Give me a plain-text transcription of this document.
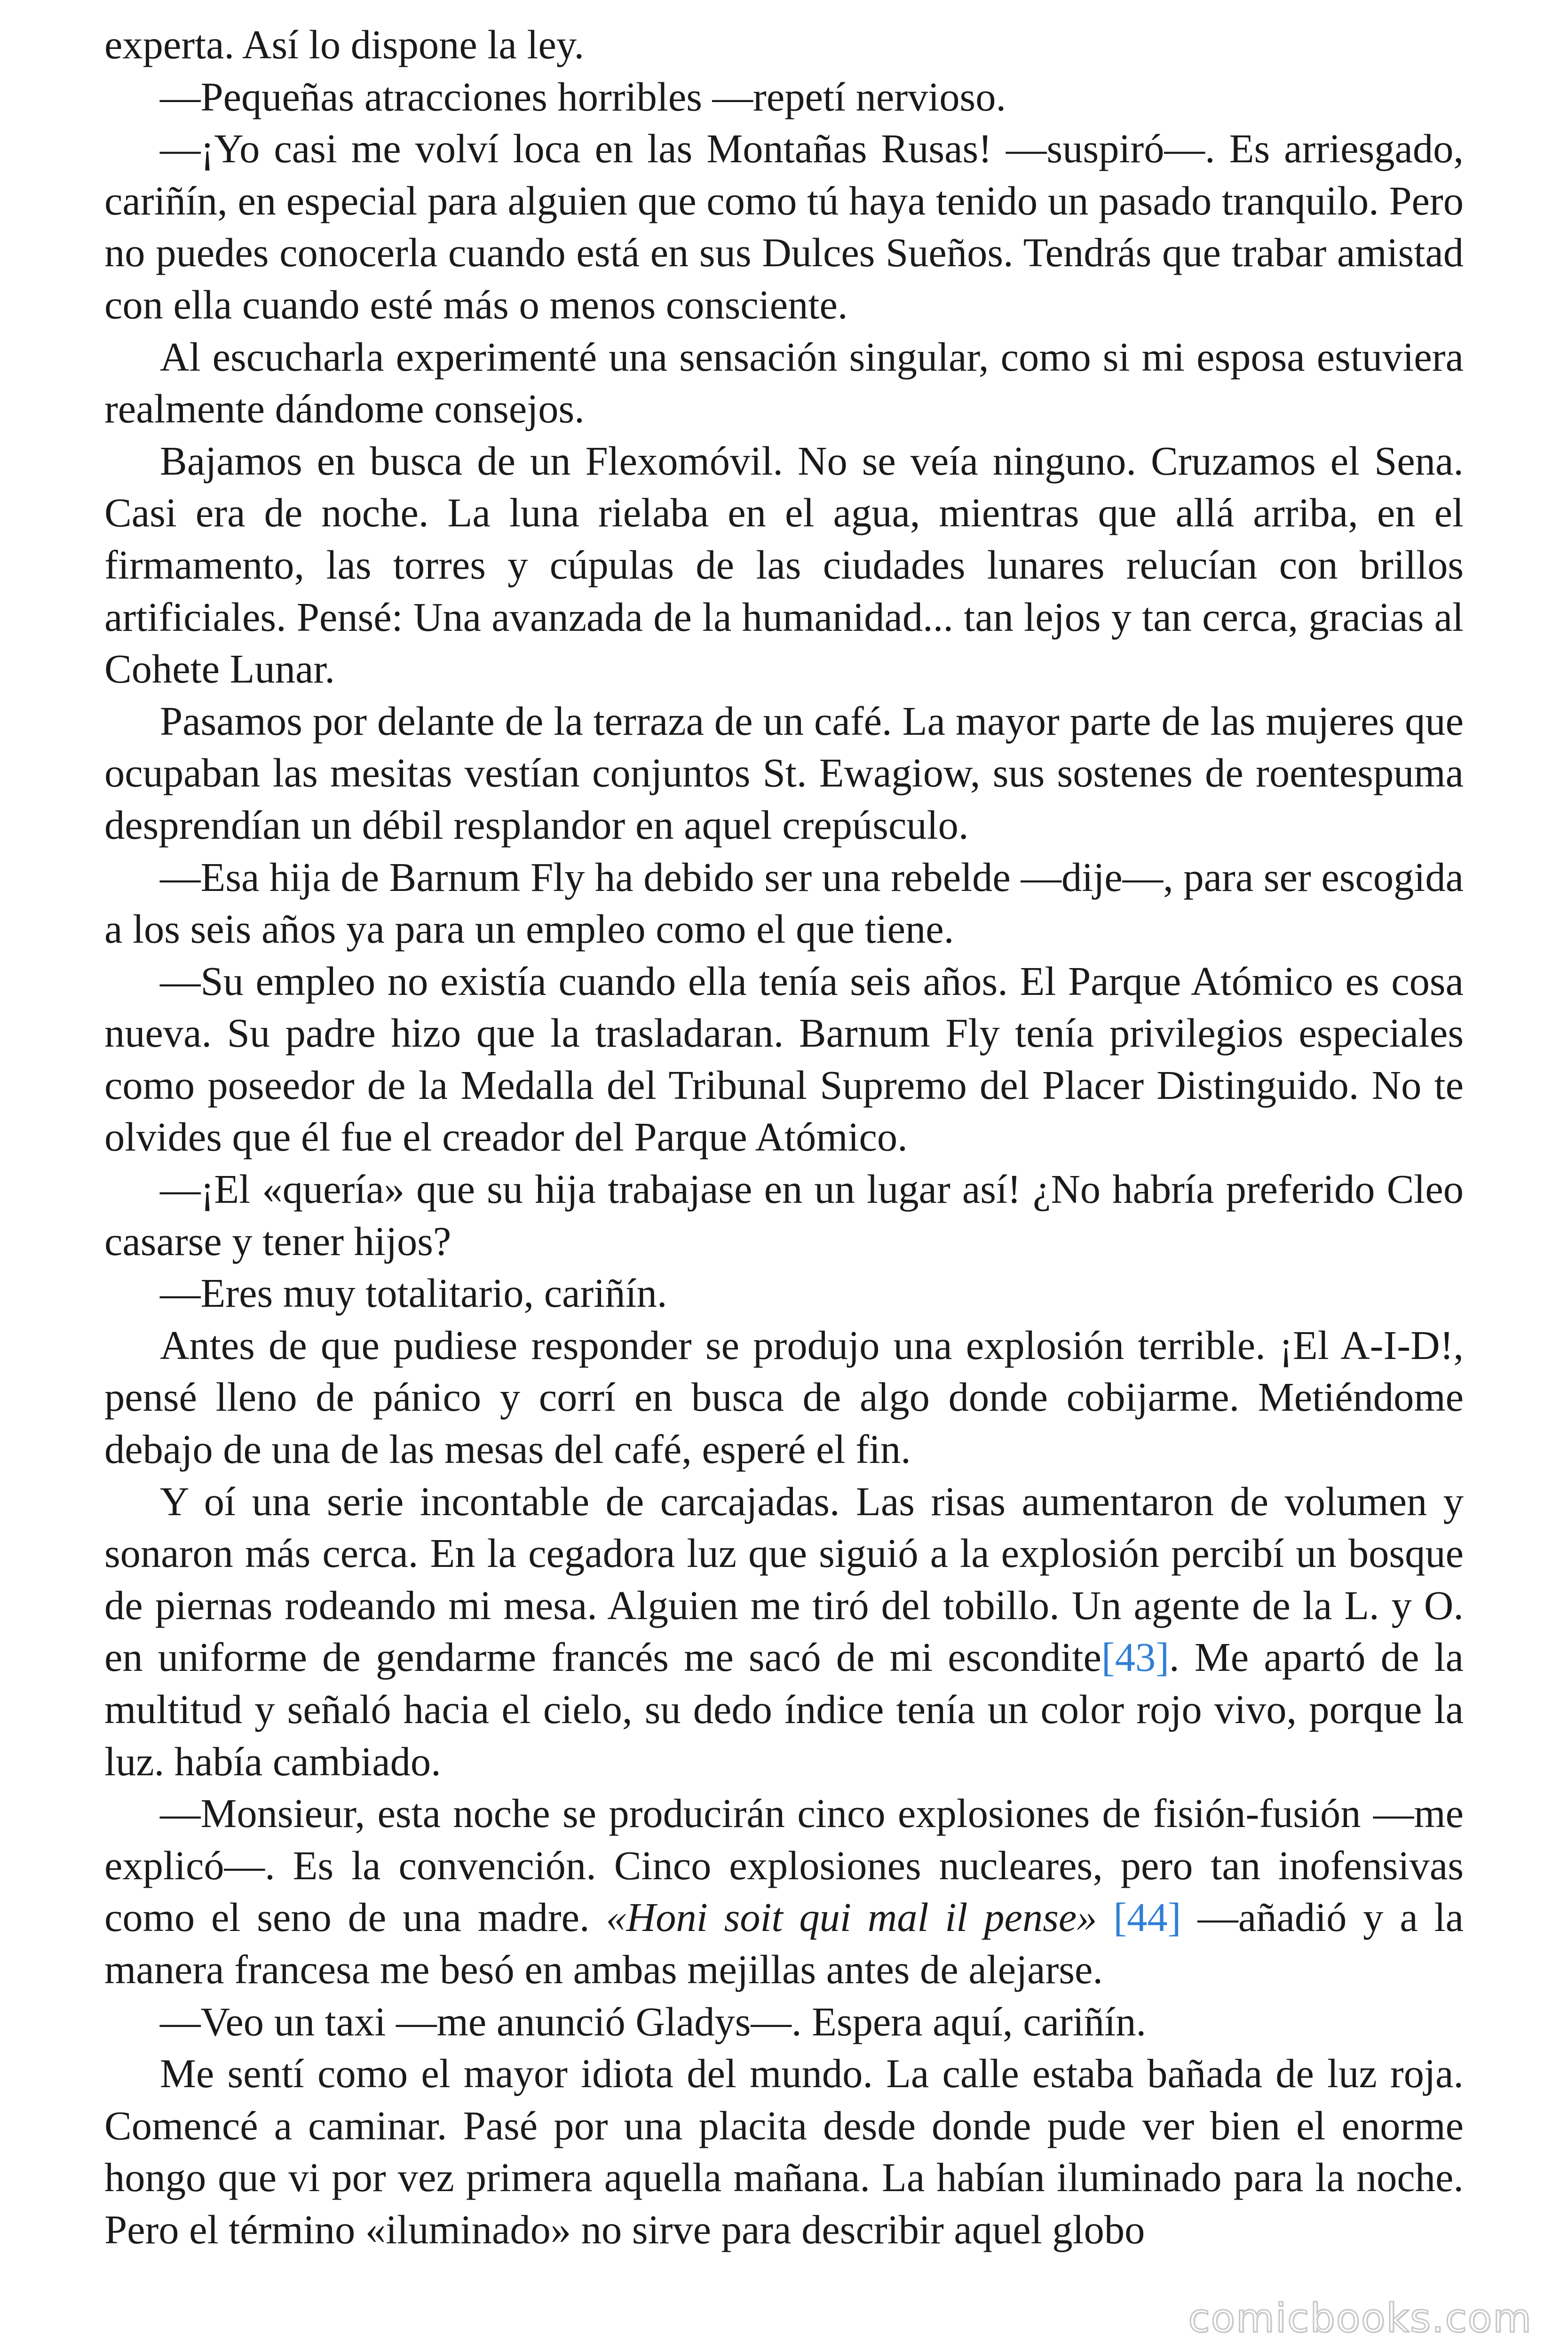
experta. Así lo dispone la ley.

—Pequeñas atracciones horribles —repetí nervioso.

—¡Yo casi me volví loca en las Montañas Rusas! —suspiró—. Es arriesgado, cariñín, en especial para alguien que como tú haya tenido un pasado tranquilo. Pero no puedes conocerla cuando está en sus Dulces Sueños. Tendrás que trabar amistad con ella cuando esté más o menos consciente.

Al escucharla experimenté una sensación singular, como si mi esposa estuviera realmente dándome consejos.

Bajamos en busca de un Flexomóvil. No se veía ninguno. Cruzamos el Sena. Casi era de noche. La luna rielaba en el agua, mientras que allá arriba, en el firmamento, las torres y cúpulas de las ciudades lunares relucían con brillos artificiales. Pensé: Una avanzada de la humanidad... tan lejos y tan cerca, gracias al Cohete Lunar.

Pasamos por delante de la terraza de un café. La mayor parte de las mujeres que ocupaban las mesitas vestían conjuntos St. Ewagiow, sus sostenes de roentespuma desprendían un débil resplandor en aquel crepúsculo.

—Esa hija de Barnum Fly ha debido ser una rebelde —dije—, para ser escogida a los seis años ya para un empleo como el que tiene.

—Su empleo no existía cuando ella tenía seis años. El Parque Atómico es cosa nueva. Su padre hizo que la trasladaran. Barnum Fly tenía privilegios especiales como poseedor de la Medalla del Tribunal Supremo del Placer Distinguido. No te olvides que él fue el creador del Parque Atómico.

—¡El «quería» que su hija trabajase en un lugar así! ¿No habría preferido Cleo casarse y tener hijos?

—Eres muy totalitario, cariñín.

Antes de que pudiese responder se produjo una explosión terrible. ¡El A-I-D!, pensé lleno de pánico y corrí en busca de algo donde cobijarme. Metiéndome debajo de una de las mesas del café, esperé el fin.

Y oí una serie incontable de carcajadas. Las risas aumentaron de volumen y sonaron más cerca. En la cegadora luz que siguió a la explosión percibí un bosque de piernas rodeando mi mesa. Alguien me tiró del tobillo. Un agente de la L. y O. en uniforme de gendarme francés me sacó de mi escondite[43]. Me apartó de la multitud y señaló hacia el cielo, su dedo índice tenía un color rojo vivo, porque la luz. había cambiado.

—Monsieur, esta noche se producirán cinco explosiones de fisión-fusión —me explicó—. Es la convención. Cinco explosiones nucleares, pero tan inofensivas como el seno de una madre. «Honi soit qui mal il pense» [44] —añadió y a la manera francesa me besó en ambas mejillas antes de alejarse.

—Veo un taxi —me anunció Gladys—. Espera aquí, cariñín.

Me sentí como el mayor idiota del mundo. La calle estaba bañada de luz roja. Comencé a caminar. Pasé por una placita desde donde pude ver bien el enorme hongo que vi por vez primera aquella mañana. La habían iluminado para la noche. Pero el término «iluminado» no sirve para describir aquel globo

comicbooks.com
